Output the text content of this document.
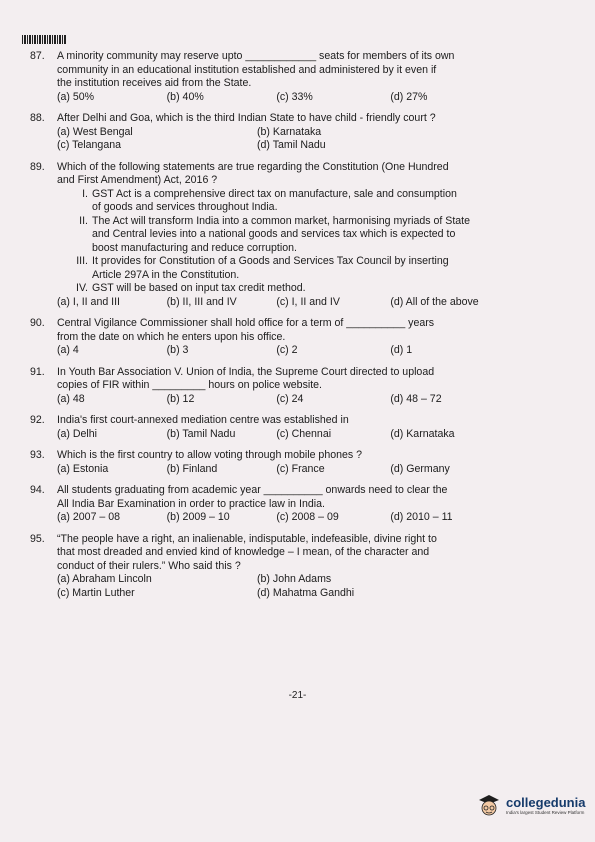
87.	A minority community may reserve upto ____________ seats for members of its own
community in an educational institution established and administered by it even if
the institution receives aid from the State.
(a) 50%	(b) 40%	(c) 33%	(d) 27%
88.	After Delhi and Goa, which is the third Indian State to have child - friendly court ?
(a) West Bengal	(b) Karnataka
(c) Telangana	(d) Tamil Nadu
89.	Which of the following statements are true regarding the Constitution (One Hundred
and First Amendment) Act, 2016 ?
I. GST Act is a comprehensive direct tax on manufacture, sale and consumption
of goods and services throughout India.
II. The Act will transform India into a common market, harmonising myriads of State
and Central levies into a national goods and services tax which is expected to
boost manufacturing and reduce corruption.
III. It provides for Constitution of a Goods and Services Tax Council by inserting
Article 297A in the Constitution.
IV. GST will be based on input tax credit method.
(a) I, II and III	(b) II, III and IV	(c) I, II and IV	(d) All of the above
90.	Central Vigilance Commissioner shall hold office for a term of __________ years
from the date on which he enters upon his office.
(a) 4	(b) 3	(c) 2	(d) 1
91.	In Youth Bar Association V. Union of India, the Supreme Court directed to upload
copies of FIR within _________ hours on police website.
(a) 48	(b) 12	(c) 24	(d) 48 – 72
92.	India's first court-annexed mediation centre was established in
(a) Delhi	(b) Tamil Nadu	(c) Chennai	(d) Karnataka
93.	Which is the first country to allow voting through mobile phones ?
(a) Estonia	(b) Finland	(c) France	(d) Germany
94.	All students graduating from academic year __________ onwards need to clear the
All India Bar Examination in order to practice law in India.
(a) 2007 – 08	(b) 2009 – 10	(c) 2008 – 09	(d) 2010 – 11
95.	“The people have a right, an inalienable, indisputable, indefeasible, divine right to
that most dreaded and envied kind of knowledge – I mean, of the character and
conduct of their rulers.” Who said this ?
(a) Abraham Lincoln	(b) John Adams
(c) Martin Luther	(d) Mahatma Gandhi
-21-
collegedunia
India's largest Student Review Platform
